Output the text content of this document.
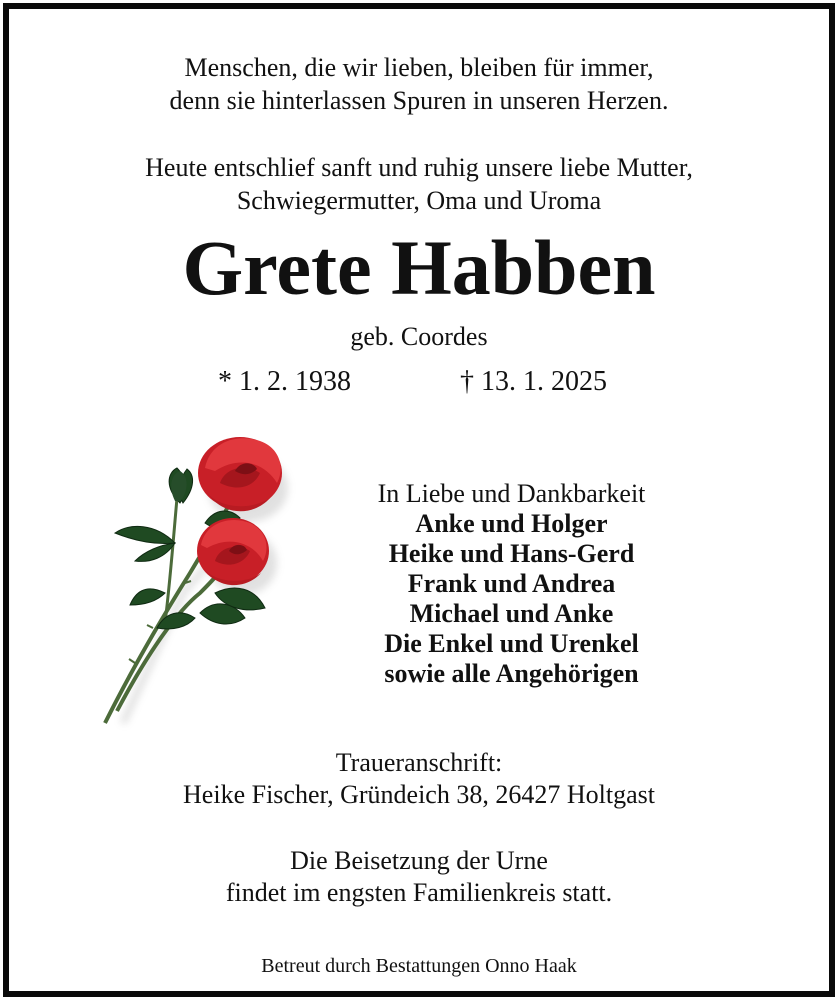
Menschen, die wir lieben, bleiben für immer,
denn sie hinterlassen Spuren in unseren Herzen.
Heute entschlief sanft und ruhig unsere liebe Mutter,
Schwiegermutter, Oma und Uroma
Grete Habben
geb. Coordes
* 1. 2. 1938	† 13. 1. 2025
In Liebe und Dankbarkeit
Anke und Holger
Heike und Hans-Gerd
Frank und Andrea
Michael und Anke
Die Enkel und Urenkel
sowie alle Angehörigen
Traueranschrift:
Heike Fischer, Gründeich 38, 26427 Holtgast
Die Beisetzung der Urne
findet im engsten Familienkreis statt.
Betreut durch Bestattungen Onno Haak
